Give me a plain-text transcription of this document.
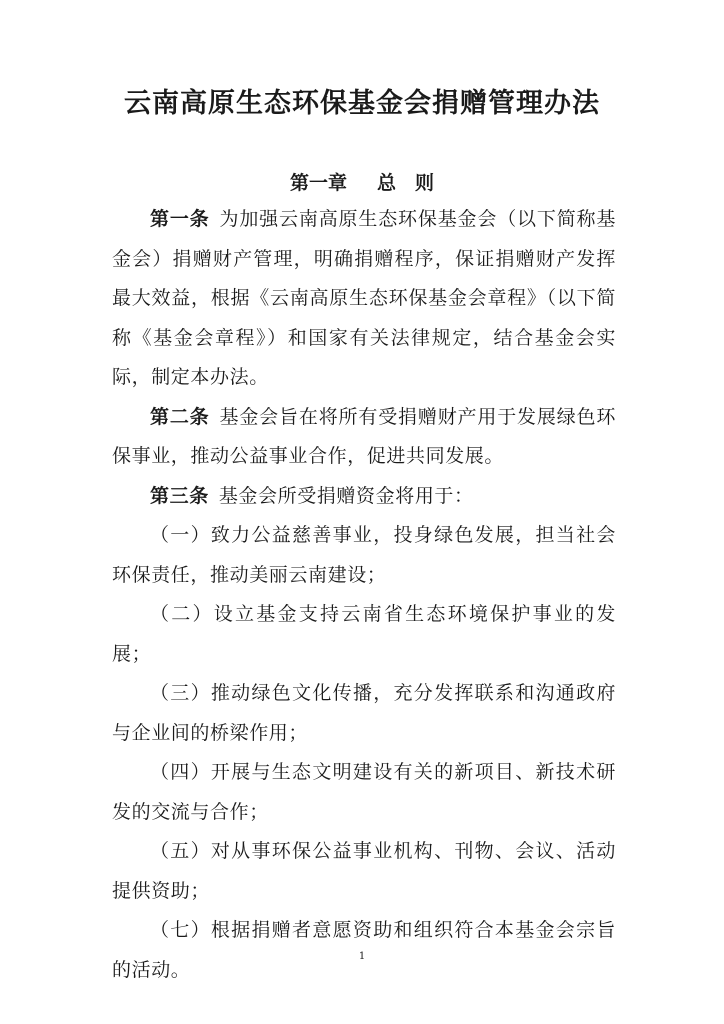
云南高原生态环保基金会捐赠管理办法
第一章 总　则

第一条 为加强云南高原生态环保基金会（以下简称基金会）捐赠财产管理，明确捐赠程序，保证捐赠财产发挥最大效益，根据《云南高原生态环保基金会章程》（以下简称《基金会章程》）和国家有关法律规定，结合基金会实际，制定本办法。

第二条 基金会旨在将所有受捐赠财产用于发展绿色环保事业，推动公益事业合作，促进共同发展。

第三条 基金会所受捐赠资金将用于：

（一）致力公益慈善事业，投身绿色发展，担当社会环保责任，推动美丽云南建设；

（二）设立基金支持云南省生态环境保护事业的发展；

（三）推动绿色文化传播，充分发挥联系和沟通政府与企业间的桥梁作用；

（四）开展与生态文明建设有关的新项目、新技术研发的交流与合作；

（五）对从事环保公益事业机构、刊物、会议、活动提供资助；

（七）根据捐赠者意愿资助和组织符合本基金会宗旨的活动。

1
